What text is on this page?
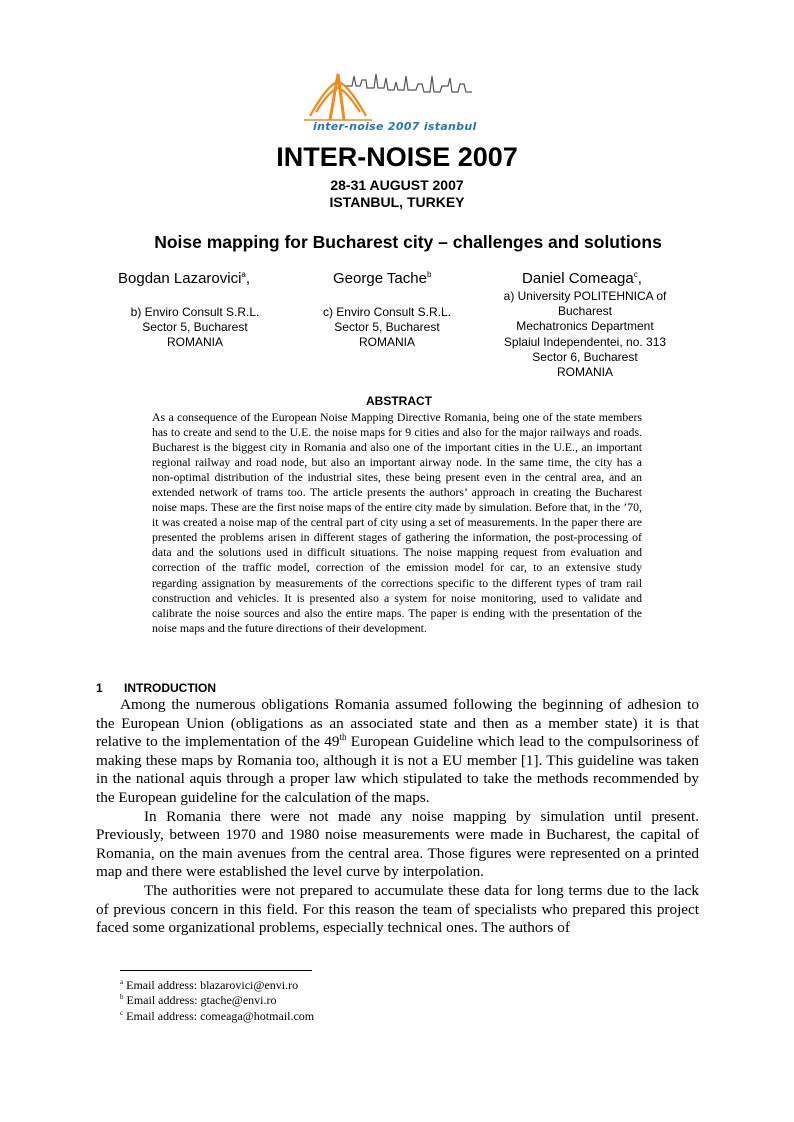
inter-noise 2007 istanbul
INTER-NOISE 2007
28-31 AUGUST 2007
ISTANBUL, TURKEY
Noise mapping for Bucharest city – challenges and solutions
Bogdan Lazarovici$^a$,	George Tache$^b$	Daniel Comeaga$^c$,
b) Enviro Consult S.R.L.
Sector 5, Bucharest
ROMANIA
c) Enviro Consult S.R.L.
Sector 5, Bucharest
ROMANIA
a) University POLITEHNICA of
Bucharest
Mechatronics Department
Splaiul Independentei, no. 313
Sector 6, Bucharest
ROMANIA
ABSTRACT
As a consequence of the European Noise Mapping Directive Romania, being one of the state members has to create and send to the U.E. the noise maps for 9 cities and also for the major railways and roads. Bucharest is the biggest city in Romania and also one of the important cities in the U.E., an important regional railway and road node, but also an important airway node. In the same time, the city has a non-optimal distribution of the industrial sites, these being present even in the central area, and an extended network of trams too. The article presents the authors’ approach in creating the Bucharest noise maps. These are the first noise maps of the entire city made by simulation. Before that, in the ’70, it was created a noise map of the central part of city using a set of measurements. In the paper there are presented the problems arisen in different stages of gathering the information, the post-processing of data and the solutions used in difficult situations. The noise mapping request from evaluation and correction of the traffic model, correction of the emission model for car, to an extensive study regarding assignation by measurements of the corrections specific to the different types of tram rail construction and vehicles. It is presented also a system for noise monitoring, used to validate and calibrate the noise sources and also the entire maps. The paper is ending with the presentation of the noise maps and the future directions of their development.
1 INTRODUCTION

Among the numerous obligations Romania assumed following the beginning of adhesion to the European Union (obligations as an associated state and then as a member state) it is that relative to the implementation of the 49th European Guideline which lead to the compulsoriness of making these maps by Romania too, although it is not a EU member [1]. This guideline was taken in the national aquis through a proper law which stipulated to take the methods recommended by the European guideline for the calculation of the maps.

In Romania there were not made any noise mapping by simulation until present. Previously, between 1970 and 1980 noise measurements were made in Bucharest, the capital of Romania, on the main avenues from the central area. Those figures were represented on a printed map and there were established the level curve by interpolation.

The authorities were not prepared to accumulate these data for long terms due to the lack of previous concern in this field. For this reason the team of specialists who prepared this project faced some organizational problems, especially technical ones. The authors of

$^a$ Email address: blazarovici@envi.ro
$^b$ Email address: gtache@envi.ro
$^c$ Email address: comeaga@hotmail.com
